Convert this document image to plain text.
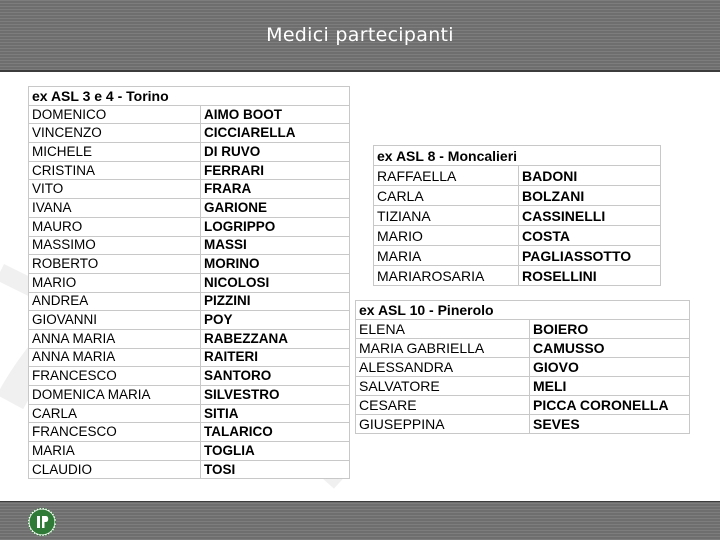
Medici partecipanti
ex ASL 3 e 4 - Torino	
DOMENICO	AIMO BOOT
VINCENZO	CICCIARELLA
MICHELE	DI RUVO
CRISTINA	FERRARI
VITO	FRARA
IVANA	GARIONE
MAURO	LOGRIPPO
MASSIMO	MASSI
ROBERTO	MORINO
MARIO	NICOLOSI
ANDREA	PIZZINI
GIOVANNI	POY
ANNA MARIA	RABEZZANA
ANNA MARIA	RAITERI
FRANCESCO	SANTORO
DOMENICA MARIA	SILVESTRO
CARLA	SITIA
FRANCESCO	TALARICO
MARIA	TOGLIA
CLAUDIO	TOSI
ex ASL 8 - Moncalieri	
RAFFAELLA	BADONI
CARLA	BOLZANI
TIZIANA	CASSINELLI
MARIO	COSTA
MARIA	PAGLIASSOTTO
MARIAROSARIA	ROSELLINI
ex ASL 10 - Pinerolo	
ELENA	BOIERO
MARIA GABRIELLA	CAMUSSO
ALESSANDRA	GIOVO
SALVATORE	MELI
CESARE	PICCA CORONELLA
GIUSEPPINA	SEVES
